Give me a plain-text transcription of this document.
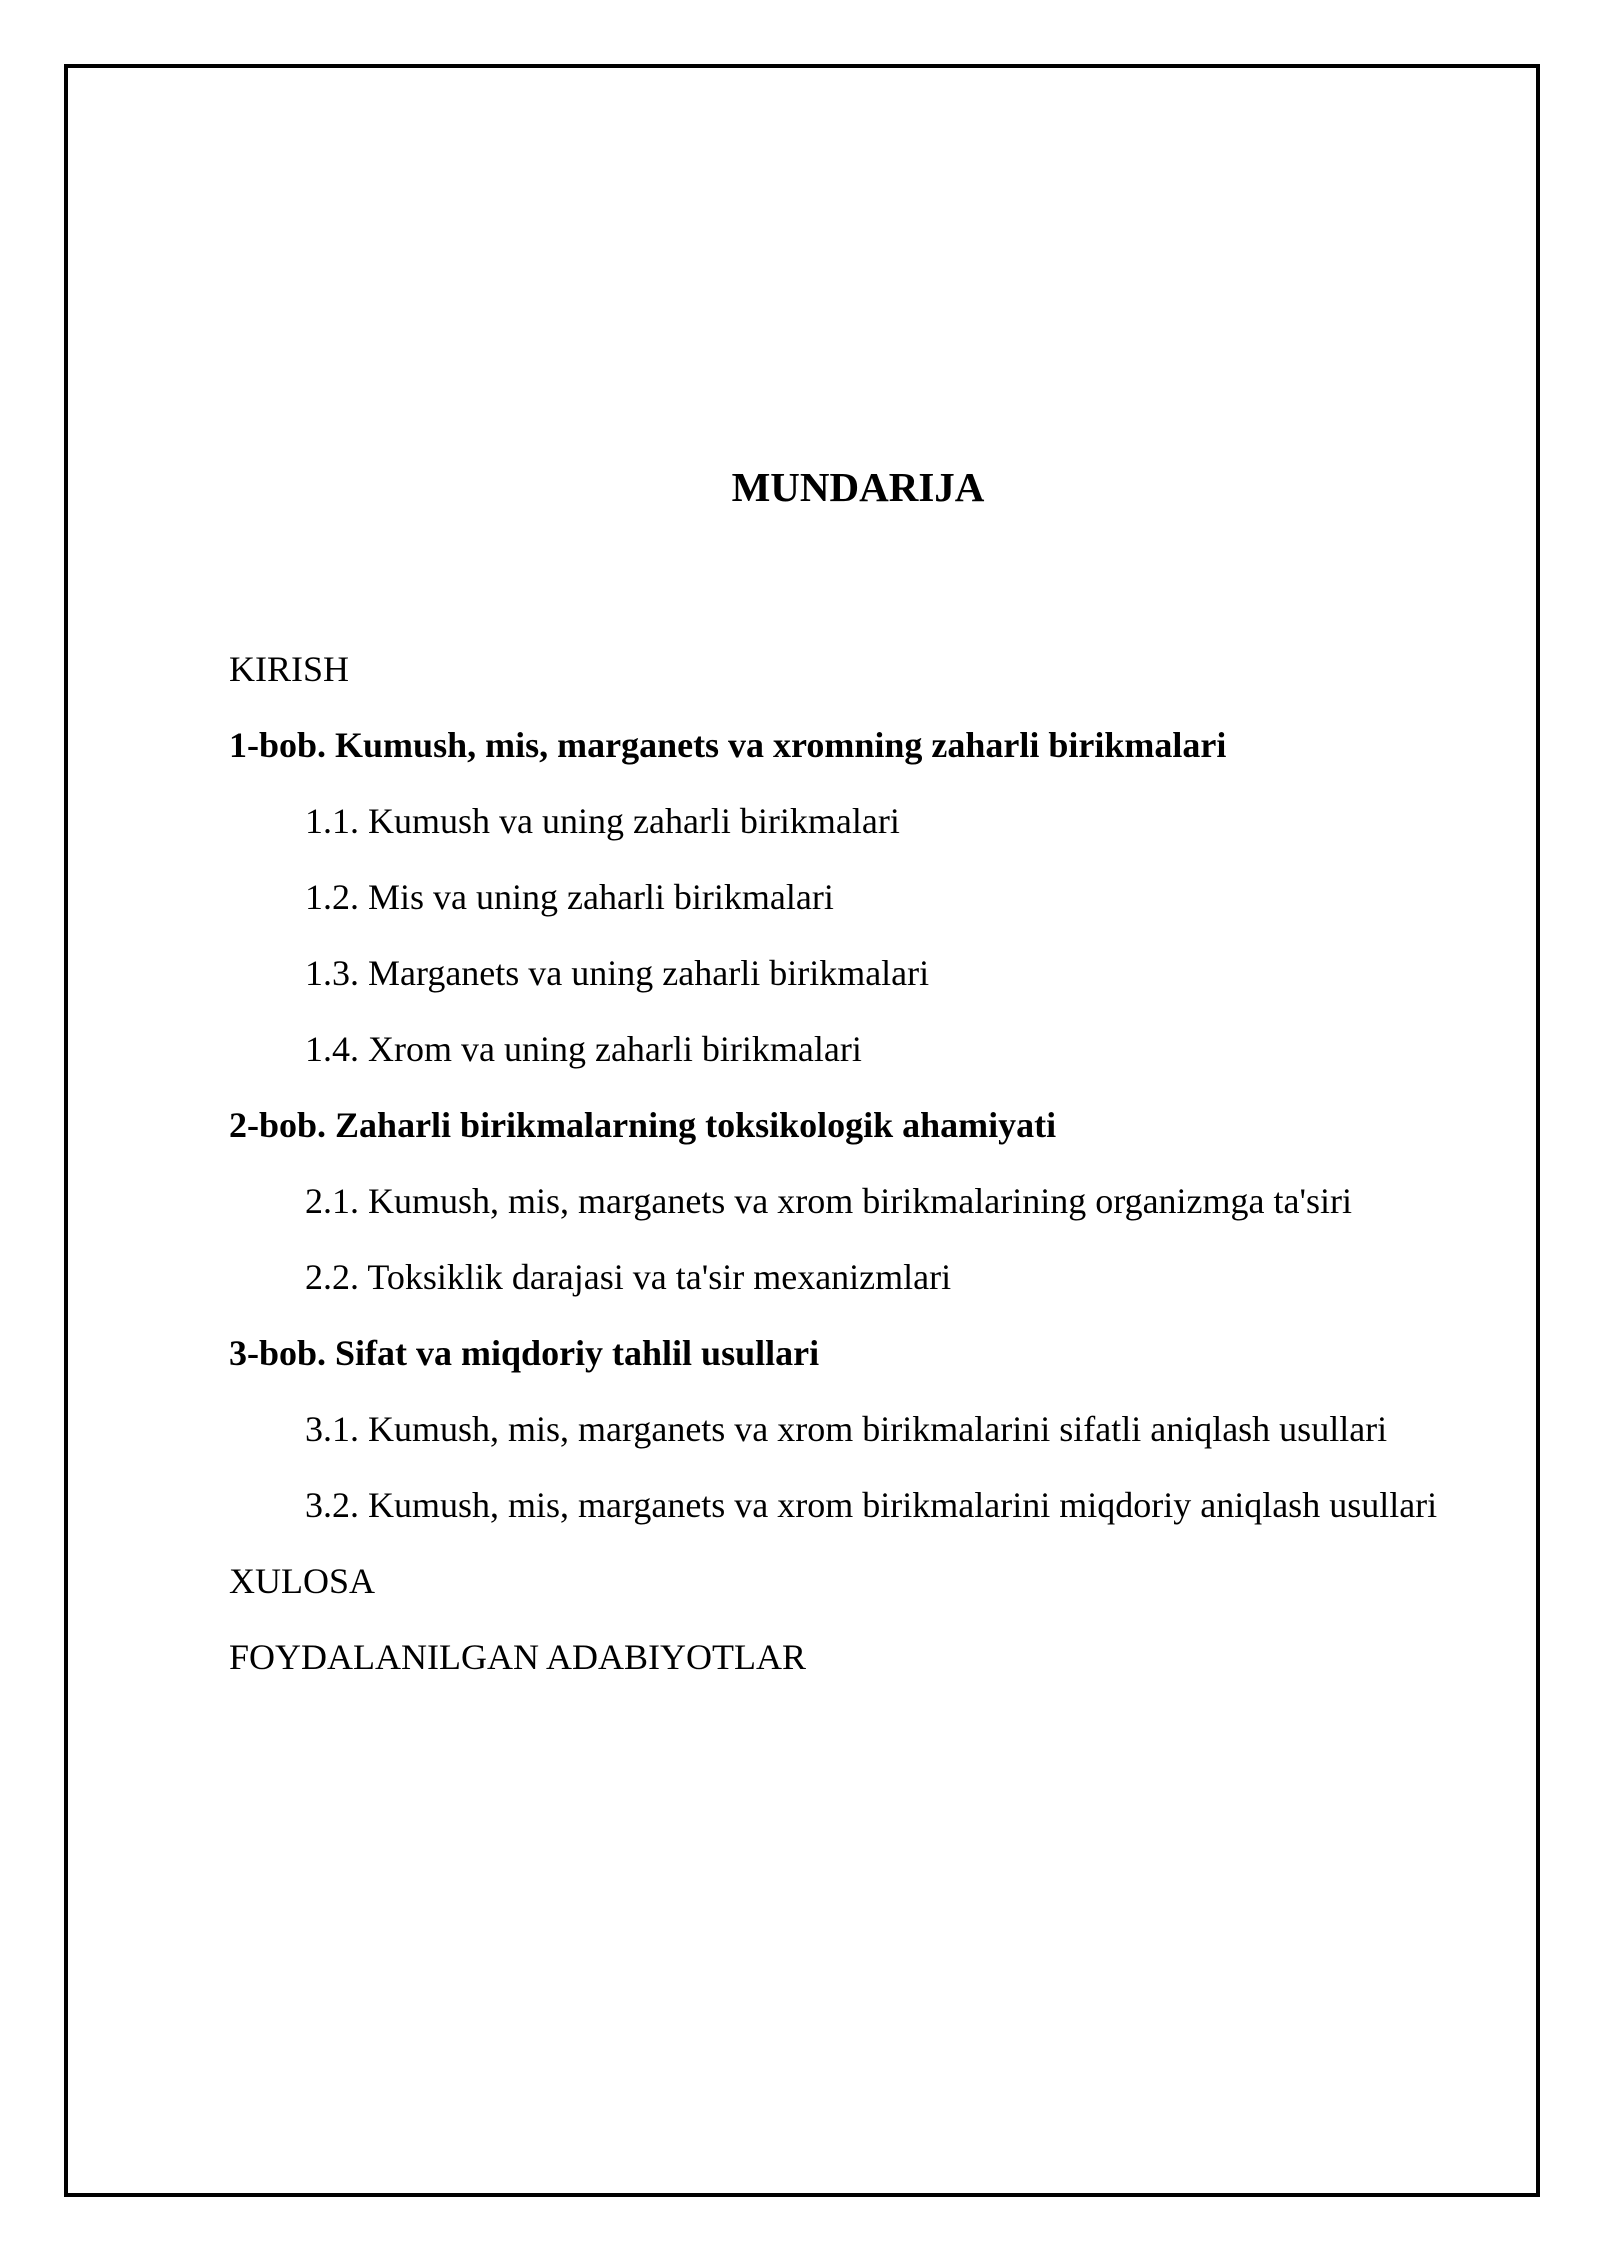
MUNDARIJA
KIRISH
1-bob. Kumush, mis, marganets va xromning zaharli birikmalari
1.1. Kumush va uning zaharli birikmalari
1.2. Mis va uning zaharli birikmalari
1.3. Marganets va uning zaharli birikmalari
1.4. Xrom va uning zaharli birikmalari
2-bob. Zaharli birikmalarning toksikologik ahamiyati
2.1. Kumush, mis, marganets va xrom birikmalarining organizmga ta'siri
2.2. Toksiklik darajasi va ta'sir mexanizmlari
3-bob. Sifat va miqdoriy tahlil usullari
3.1. Kumush, mis, marganets va xrom birikmalarini sifatli aniqlash usullari
3.2. Kumush, mis, marganets va xrom birikmalarini miqdoriy aniqlash usullari
XULOSA
FOYDALANILGAN ADABIYOTLAR
